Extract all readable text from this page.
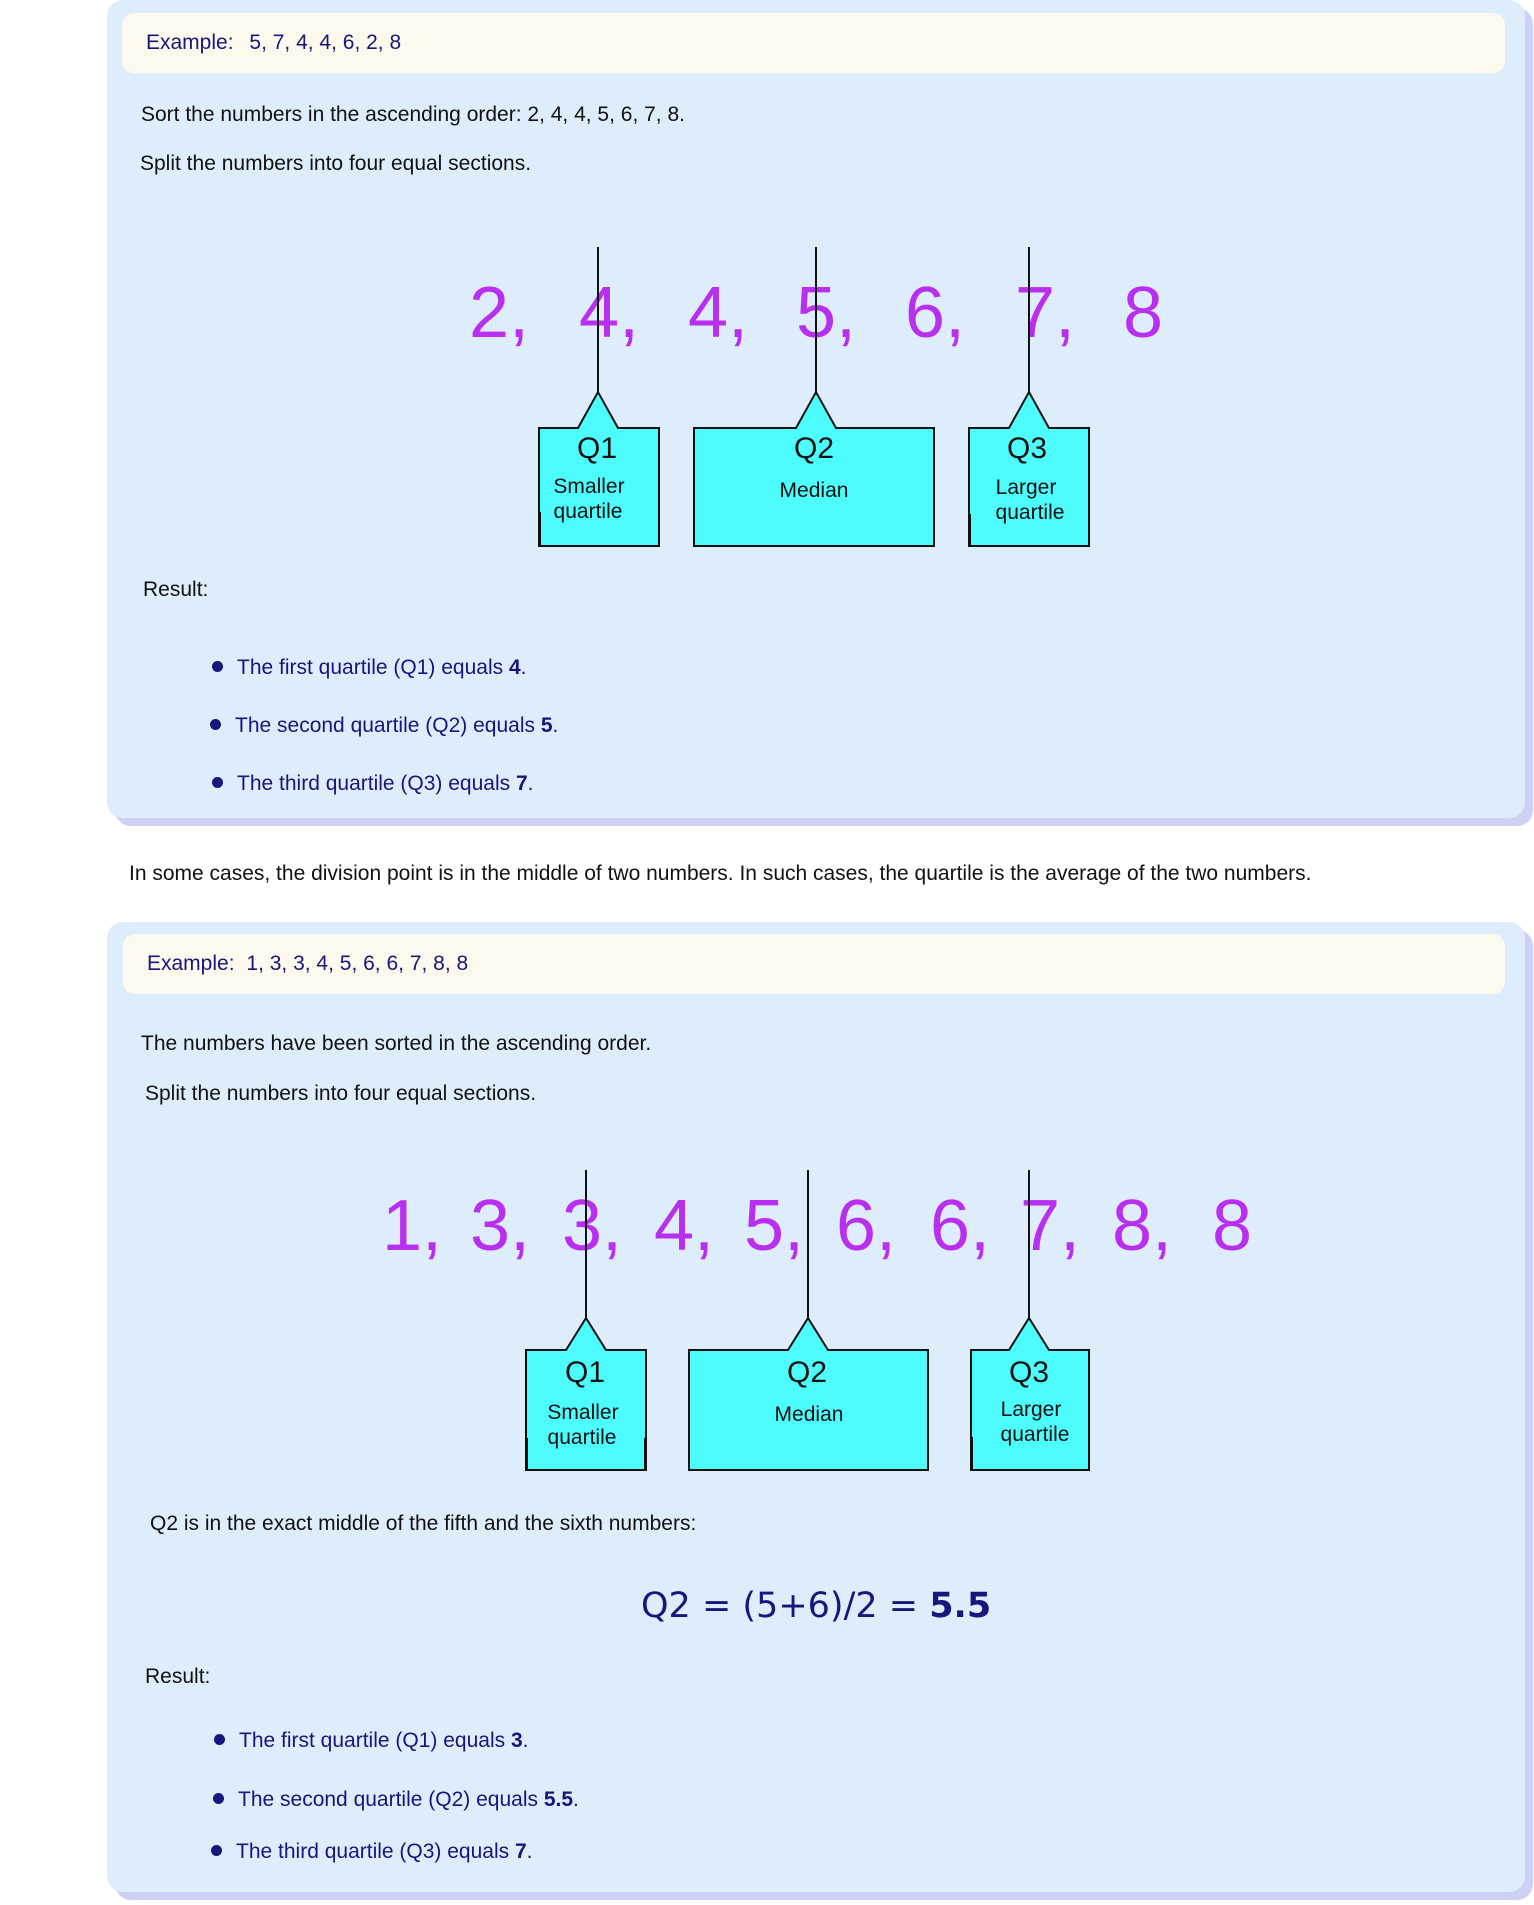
Example: 5, 7, 4, 4, 6, 2, 8
Sort the numbers in the ascending order: 2, 4, 4, 5, 6, 7, 8.
Split the numbers into four equal sections.
2, 4, 4, 5, 6, 7, 8
Q1
Smaller
quartile
Q2
Median
Q3
Larger
quartile
Result:
The first quartile (Q1) equals 4.
The second quartile (Q2) equals 5.
The third quartile (Q3) equals 7.
In some cases, the division point is in the middle of two numbers. In such cases, the quartile is the average of the two numbers.
Example: 1, 3, 3, 4, 5, 6, 6, 7, 8, 8
The numbers have been sorted in the ascending order.
Split the numbers into four equal sections.
1, 3, 3, 4, 5, 6, 6, 7, 8, 8
Q1
Smaller
quartile
Q2
Median
Q3
Larger
quartile
Q2 is in the exact middle of the fifth and the sixth numbers:
Q2 = (5+6)/2 = 5.5
Result:
The first quartile (Q1) equals 3.
The second quartile (Q2) equals 5.5.
The third quartile (Q3) equals 7.
